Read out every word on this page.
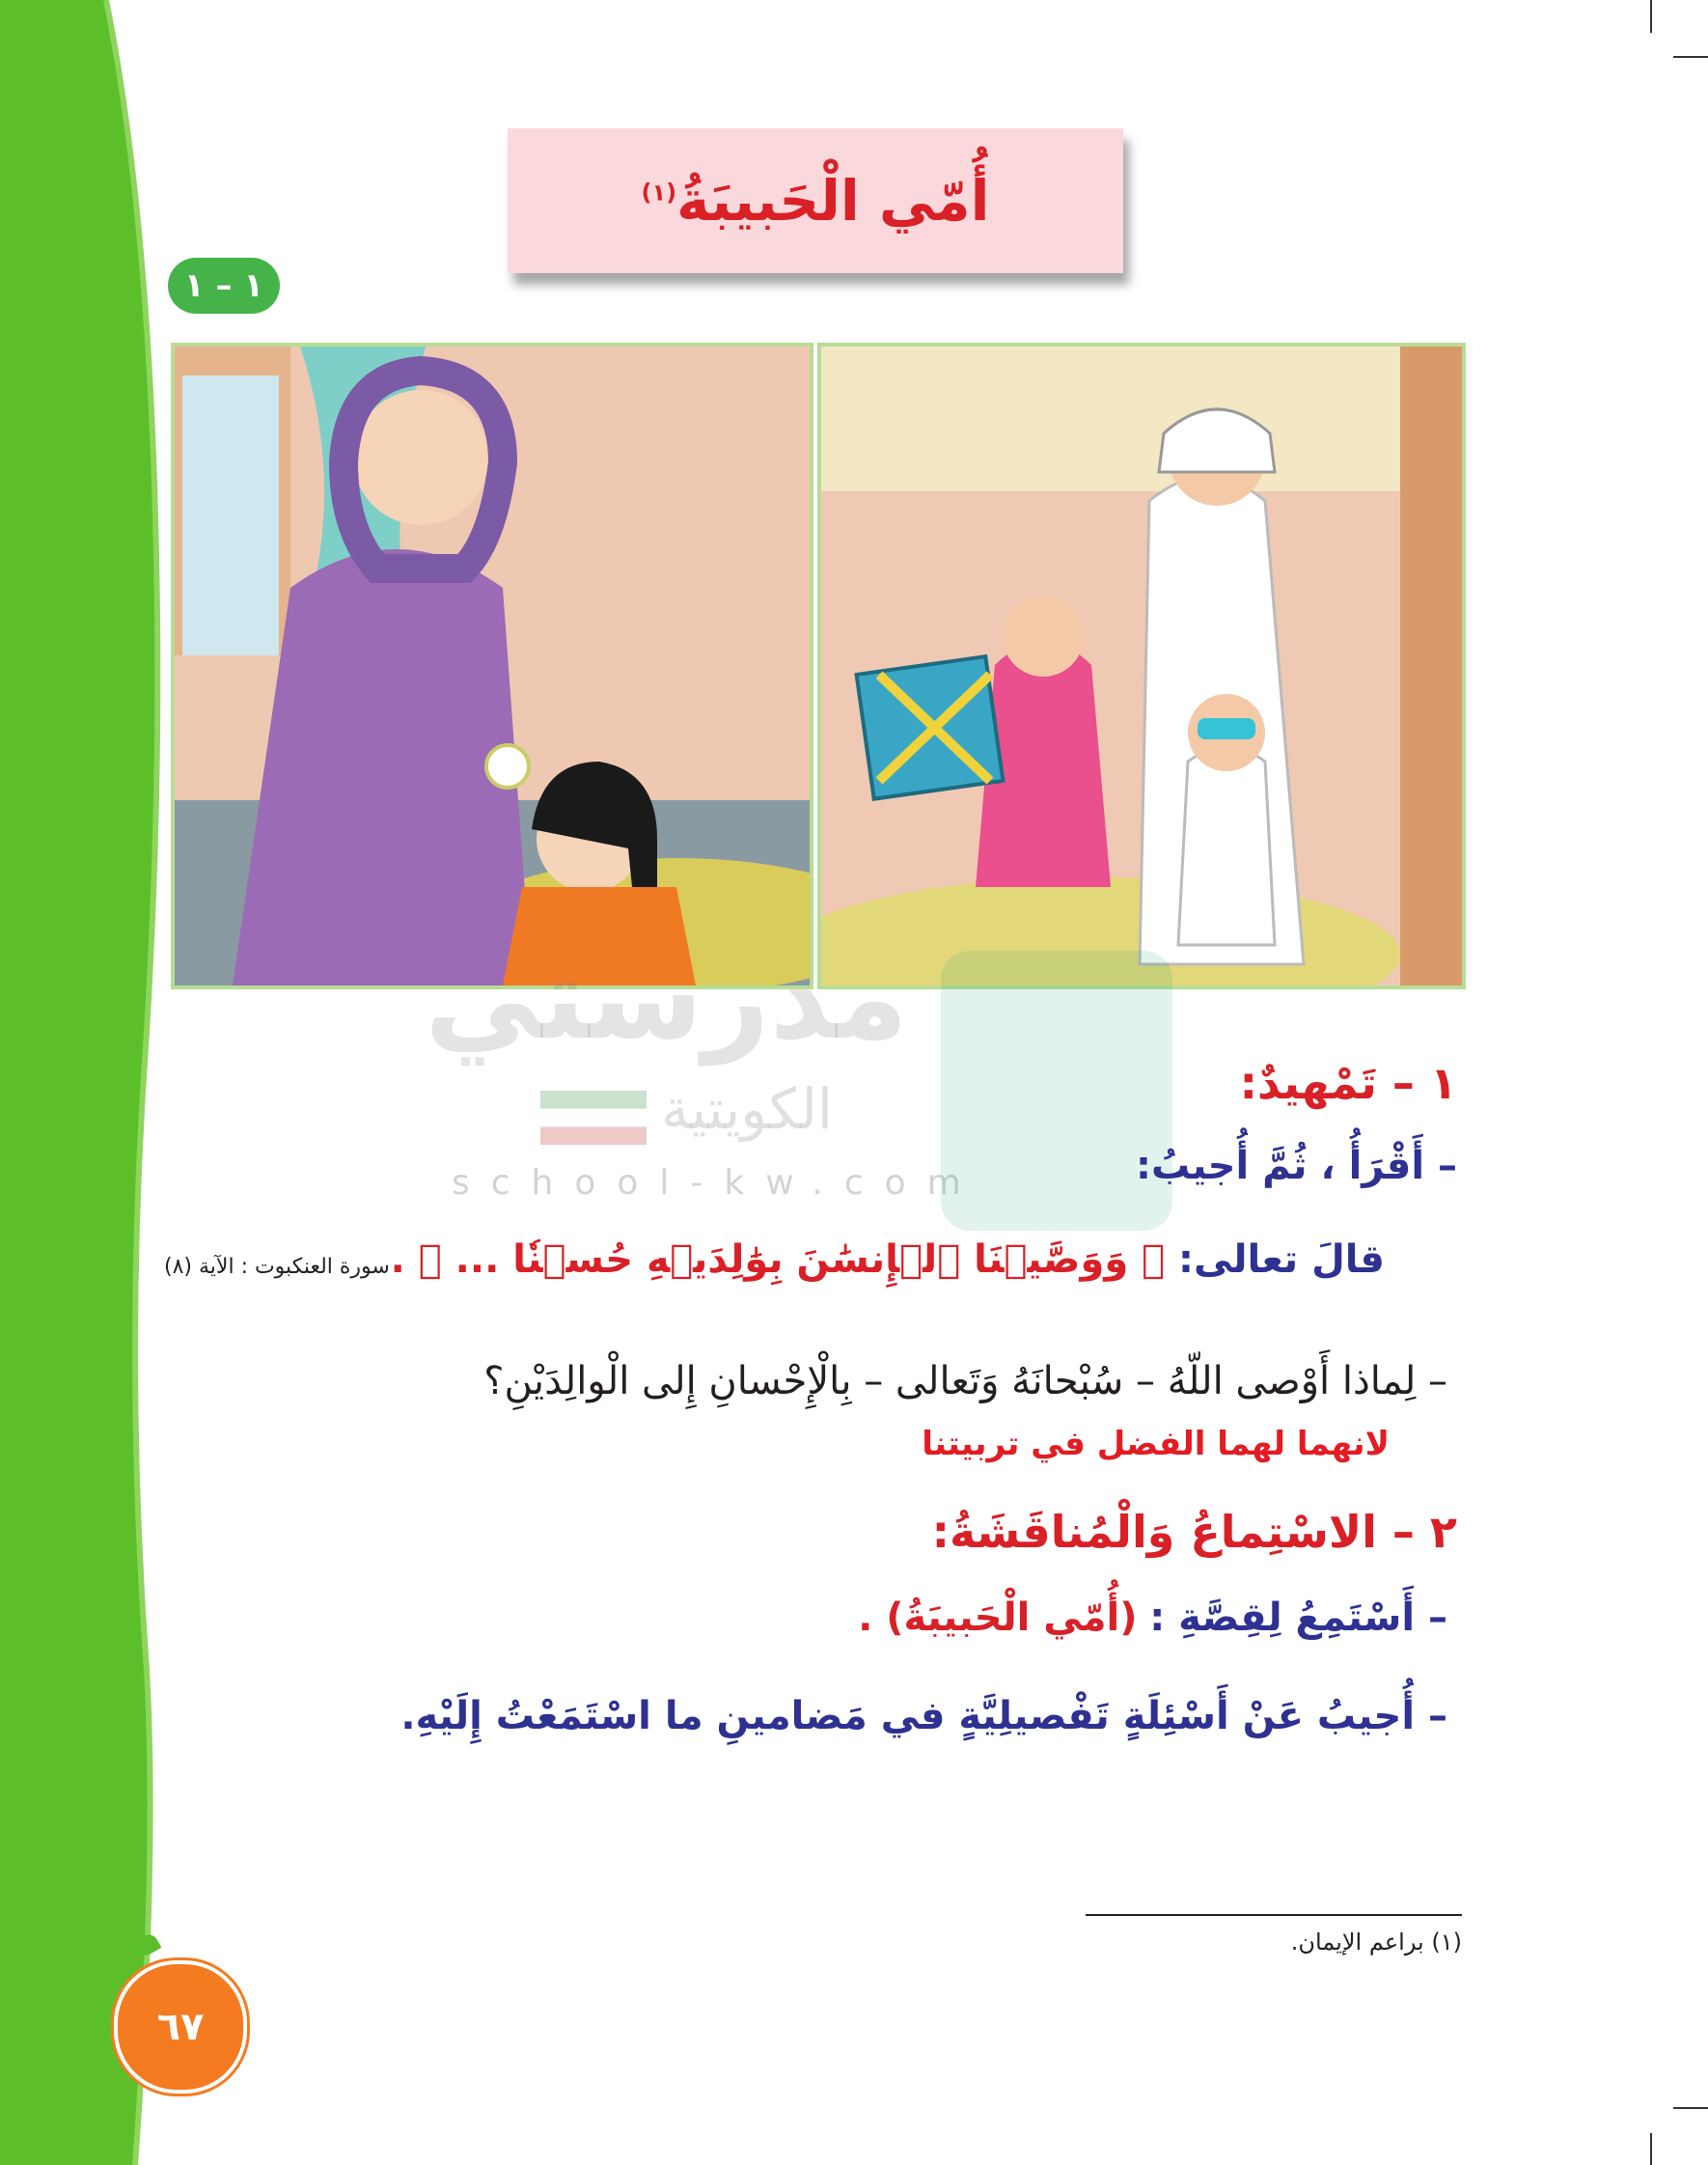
أُمّي الْحَبيبَةُ$^{(١)}$
١ – ١
مدرستي
الكويتية
school-kw.com
١ – تَمْهيدٌ:
– أَقْرَأُ ، ثُمَّ أُجيبُ:
قالَ تعالى: ﴿ وَوَصَّيۡنَا ٱلۡإِنسَٰنَ بِوَٰلِدَيۡهِ حُسۡنٗا ... ﴾ .
سورة العنكبوت : الآية (٨)
– لِماذا أَوْصى اللّهُ – سُبْحانَهُ وَتَعالى – بِالْإِحْسانِ إِلى الْوالِدَيْنِ؟
لانهما لهما الفضل في تربيتنا
٢ – الاسْتِماعُ وَالْمُناقَشَةُ:
– أَسْتَمِعُ لِقِصَّةِ : (أُمّي الْحَبيبَةُ) .
– أُجيبُ عَنْ أَسْئِلَةٍ تَفْصيلِيَّةٍ في مَضامينِ ما اسْتَمَعْتُ إِلَيْهِ.
(١) براعم الإيمان.
٦٧
